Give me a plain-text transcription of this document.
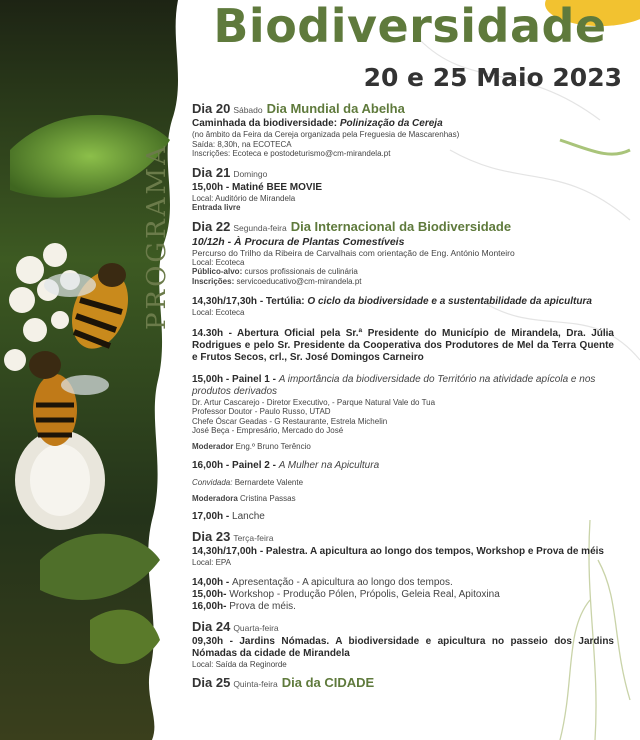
Biodiversidade
20 e 25 Maio 2023
PROGRAMA
Dia 20 Sábado Dia Mundial da Abelha
Caminhada da biodiversidade: Polinização da Cereja
(no âmbito da Feira da Cereja organizada pela Freguesia de Mascarenhas)
Saída: 8,30h, na ECOTECA
Inscrições: Ecoteca e postodeturismo@cm-mirandela.pt
Dia 21 Domingo
15,00h - Matiné BEE MOVIE
Local: Auditório de Mirandela
Entrada livre
Dia 22 Segunda-feira Dia Internacional da Biodiversidade
10/12h - À Procura de Plantas Comestíveis
Percurso do Trilho da Ribeira de Carvalhais com orientação de Eng. António Monteiro
Local: Ecoteca
Público-alvo: cursos profissionais de culinária
Inscrições: servicoeducativo@cm-mirandela.pt
14,30h/17,30h - Tertúlia: O ciclo da biodiversidade e a sustentabilidade da apicultura
Local: Ecoteca
14.30h - Abertura Oficial pela Sr.ª Presidente do Município de Mirandela, Dra. Júlia Rodrigues e pelo Sr. Presidente da Cooperativa dos Produtores de Mel da Terra Quente e Frutos Secos, crl., Sr. José Domingos Carneiro
15,00h - Painel 1 - A importância da biodiversidade do Território na atividade apícola e nos produtos derivados
Dr. Artur Cascarejo - Diretor Executivo, - Parque Natural Vale do Tua
Professor Doutor - Paulo Russo, UTAD
Chefe Óscar Geadas - G Restaurante, Estrela Michelin
José Beça - Empresário, Mercado do José
Moderador Eng.º Bruno Terêncio
16,00h - Painel 2 - A Mulher na Apicultura
Convidada: Bernardete Valente
Moderadora Cristina Passas
17,00h - Lanche
Dia 23 Terça-feira
14,30h/17,00h - Palestra. A apicultura ao longo dos tempos, Workshop e Prova de méis
Local: EPA
14,00h - Apresentação - A apicultura ao longo dos tempos.
15,00h- Workshop - Produção Pólen, Própolis, Geleia Real, Apitoxina
16,00h- Prova de méis.
Dia 24 Quarta-feira
09,30h - Jardins Nómadas. A biodiversidade e apicultura no passeio dos Jardins Nómadas da cidade de Mirandela
Local: Saída da Reginorde
Dia 25 Quinta-feira Dia da CIDADE
